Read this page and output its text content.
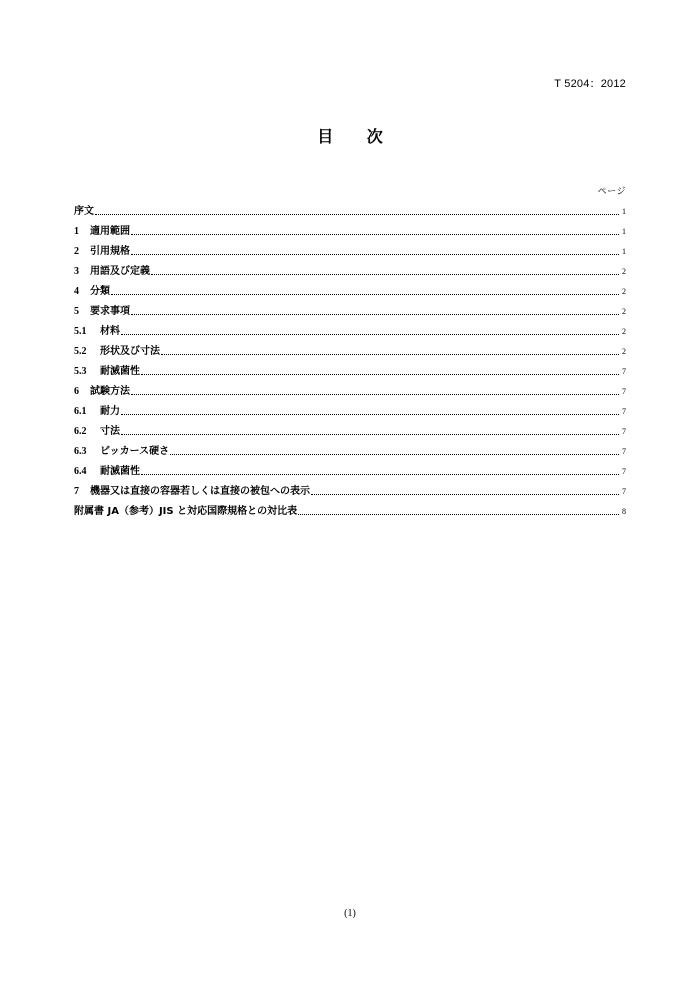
T 5204：2012
目 次
ページ
序文	1
1	適用範囲	1
2	引用規格	1
3	用語及び定義	2
4	分類	2
5	要求事項	2
5.1	材料	2
5.2	形状及び寸法	2
5.3	耐滅菌性	7
6	試験方法	7
6.1	耐力	7
6.2	寸法	7
6.3	ビッカース硬さ	7
6.4	耐滅菌性	7
7	機器又は直接の容器若しくは直接の被包への表示	7
附属書 JA（参考）JIS と対応国際規格との対比表	8
(1)
